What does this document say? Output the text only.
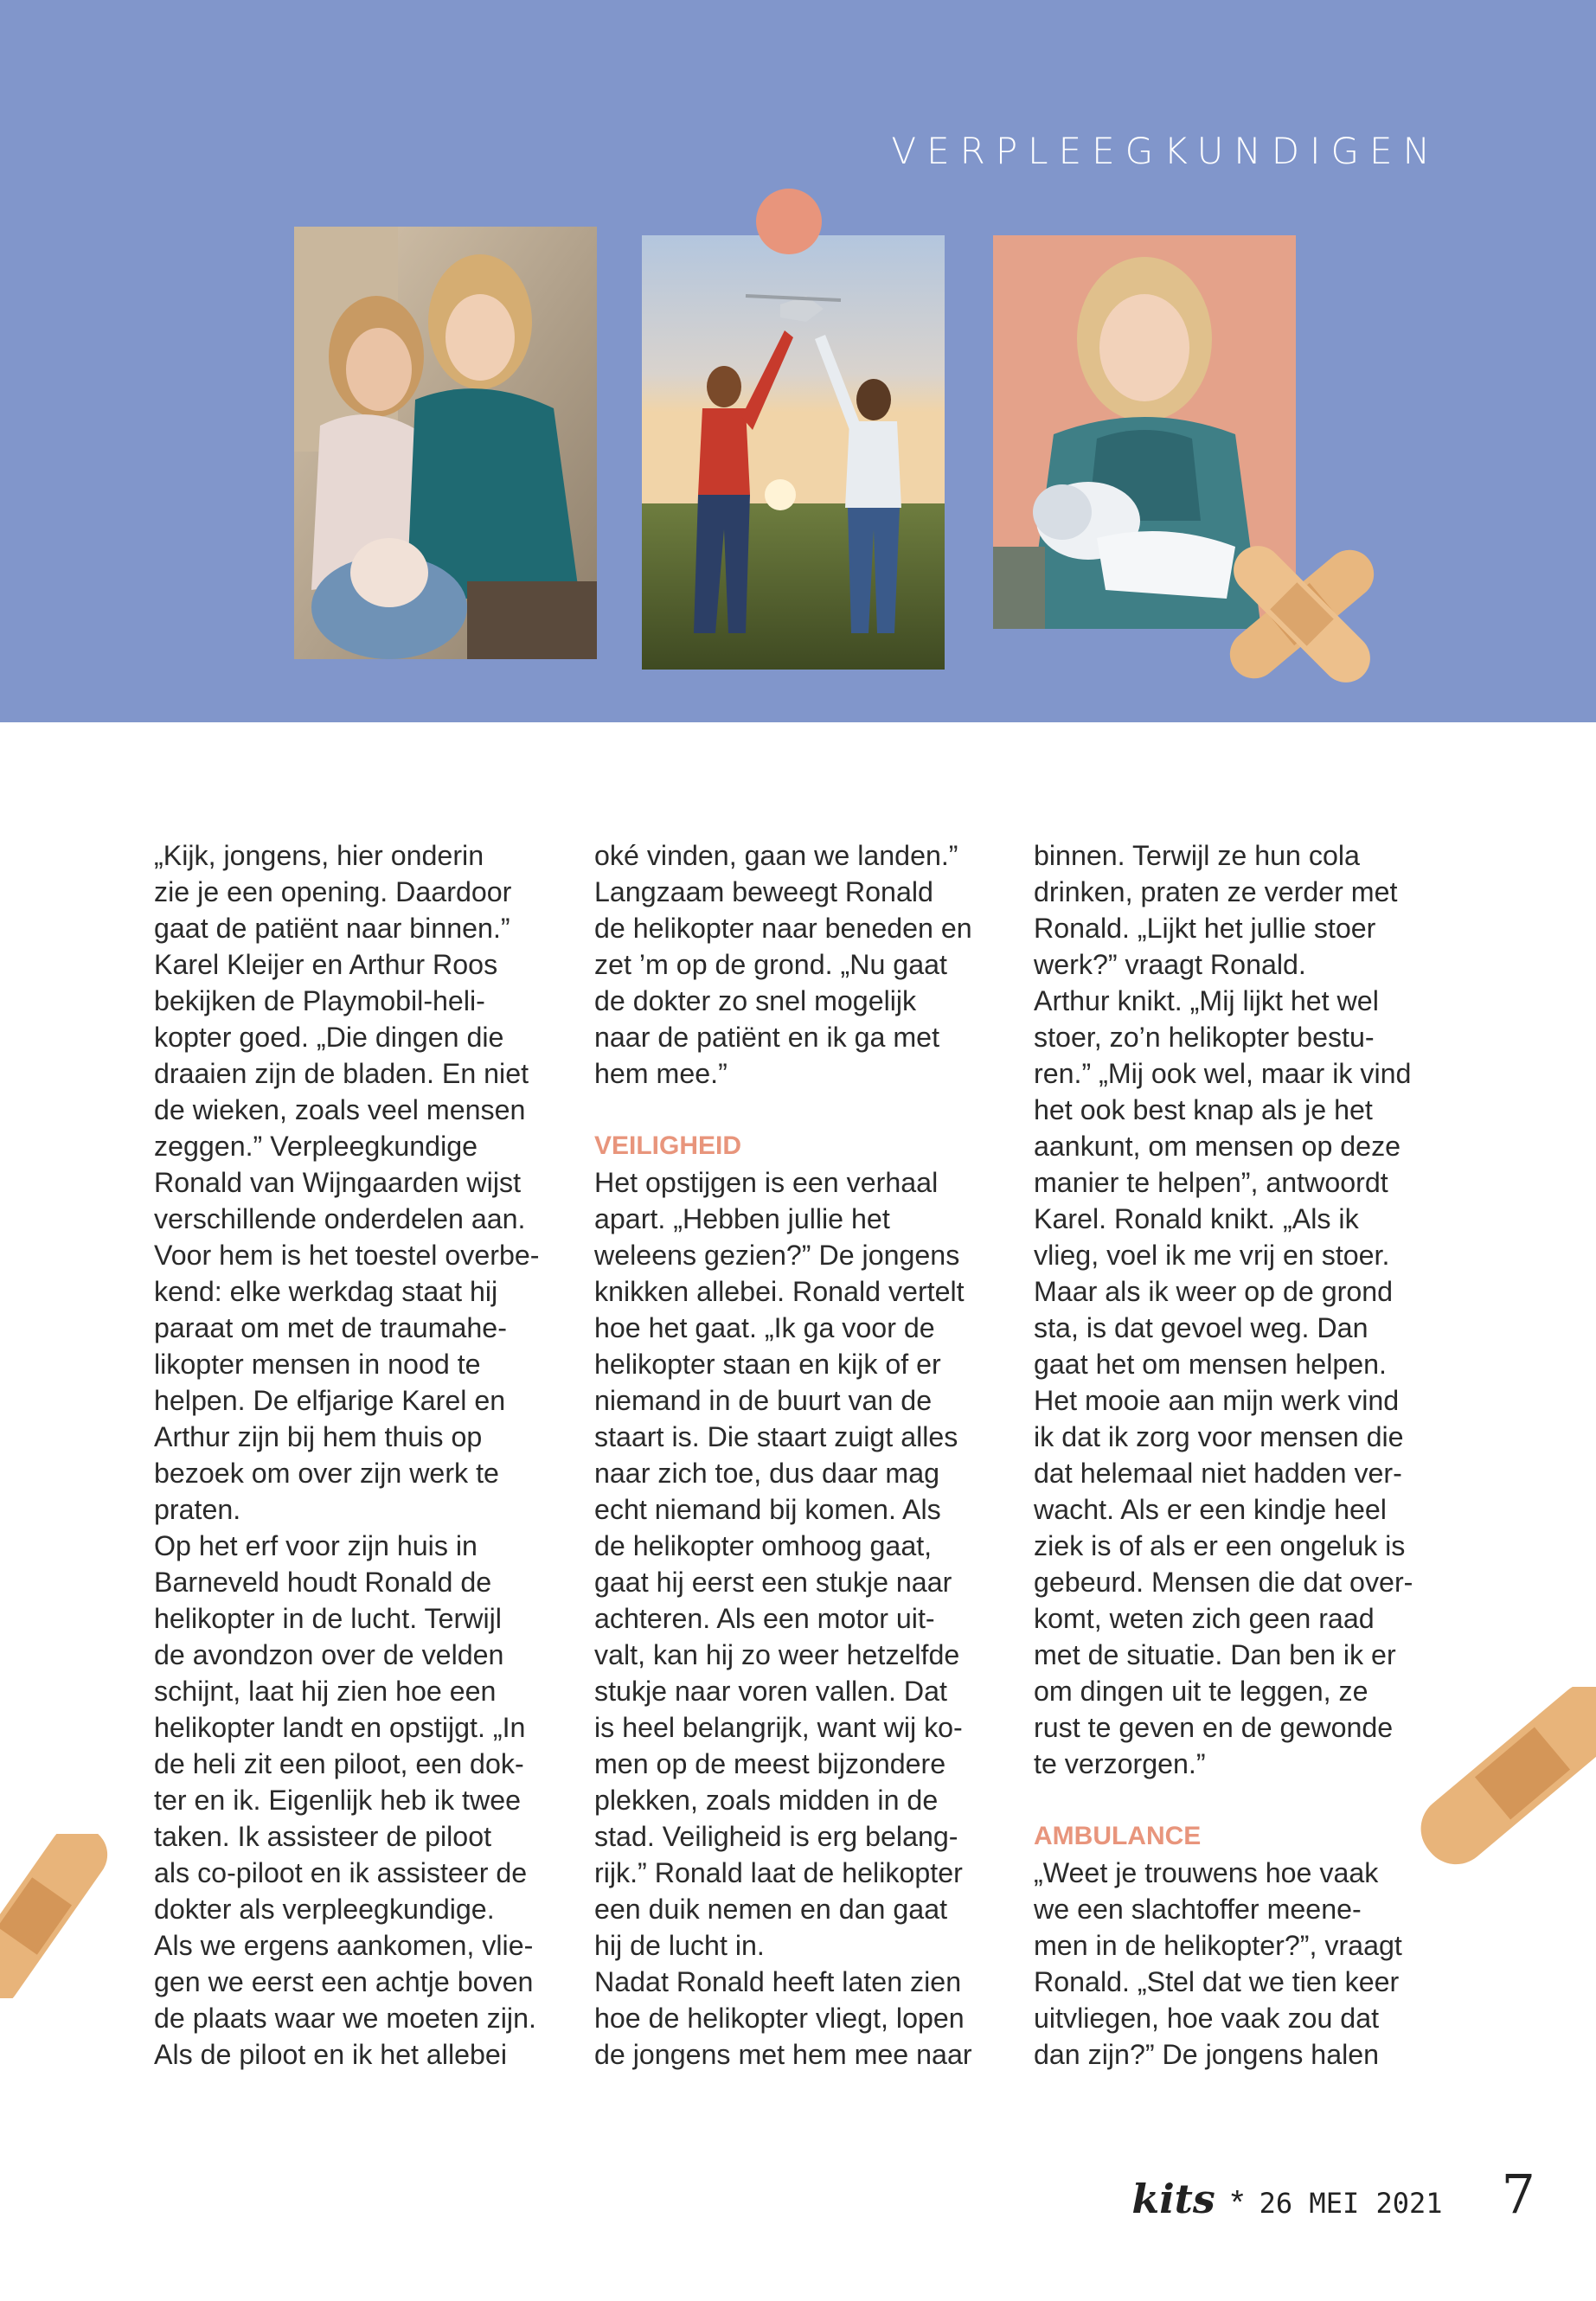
VERPLEEGKUNDIGEN

„Kijk, jongens, hier onderin
zie je een opening. Daardoor
gaat de patiënt naar binnen.”
Karel Kleijer en Arthur Roos
bekijken de Playmobil-heli-
kopter goed. „Die dingen die
draaien zijn de bladen. En niet
de wieken, zoals veel mensen
zeggen.” Verpleegkundige
Ronald van Wijngaarden wijst
verschillende onderdelen aan.
Voor hem is het toestel overbe-
kend: elke werkdag staat hij
paraat om met de traumahe-
likopter mensen in nood te
helpen. De elfjarige Karel en
Arthur zijn bij hem thuis op
bezoek om over zijn werk te
praten.

Op het erf voor zijn huis in
Barneveld houdt Ronald de
helikopter in de lucht. Terwijl
de avondzon over de velden
schijnt, laat hij zien hoe een
helikopter landt en opstijgt. „In
de heli zit een piloot, een dok-
ter en ik. Eigenlijk heb ik twee
taken. Ik assisteer de piloot
als co-piloot en ik assisteer de
dokter als verpleegkundige.
Als we ergens aankomen, vlie-
gen we eerst een achtje boven
de plaats waar we moeten zijn.
Als de piloot en ik het allebei

oké vinden, gaan we landen.”
Langzaam beweegt Ronald
de helikopter naar beneden en
zet ’m op de grond. „Nu gaat
de dokter zo snel mogelijk
naar de patiënt en ik ga met
hem mee.”

VEILIGHEID

Het opstijgen is een verhaal
apart. „Hebben jullie het
weleens gezien?” De jongens
knikken allebei. Ronald vertelt
hoe het gaat. „Ik ga voor de
helikopter staan en kijk of er
niemand in de buurt van de
staart is. Die staart zuigt alles
naar zich toe, dus daar mag
echt niemand bij komen. Als
de helikopter omhoog gaat,
gaat hij eerst een stukje naar
achteren. Als een motor uit-
valt, kan hij zo weer hetzelfde
stukje naar voren vallen. Dat
is heel belangrijk, want wij ko-
men op de meest bijzondere
plekken, zoals midden in de
stad. Veiligheid is erg belang-
rijk.” Ronald laat de helikopter
een duik nemen en dan gaat
hij de lucht in.

Nadat Ronald heeft laten zien
hoe de helikopter vliegt, lopen
de jongens met hem mee naar

binnen. Terwijl ze hun cola
drinken, praten ze verder met
Ronald. „Lijkt het jullie stoer
werk?” vraagt Ronald.

Arthur knikt. „Mij lijkt het wel
stoer, zo’n helikopter bestu-
ren.” „Mij ook wel, maar ik vind
het ook best knap als je het
aankunt, om mensen op deze
manier te helpen”, antwoordt
Karel. Ronald knikt. „Als ik
vlieg, voel ik me vrij en stoer.
Maar als ik weer op de grond
sta, is dat gevoel weg. Dan
gaat het om mensen helpen.
Het mooie aan mijn werk vind
ik dat ik zorg voor mensen die
dat helemaal niet hadden ver-
wacht. Als er een kindje heel
ziek is of als er een ongeluk is
gebeurd. Mensen die dat over-
komt, weten zich geen raad
met de situatie. Dan ben ik er
om dingen uit te leggen, ze
rust te geven en de gewonde
te verzorgen.”

AMBULANCE

„Weet je trouwens hoe vaak
we een slachtoffer meene-
men in de helikopter?”, vraagt
Ronald. „Stel dat we tien keer
uitvliegen, hoe vaak zou dat
dan zijn?” De jongens halen

kits * 26 MEI 2021 7
